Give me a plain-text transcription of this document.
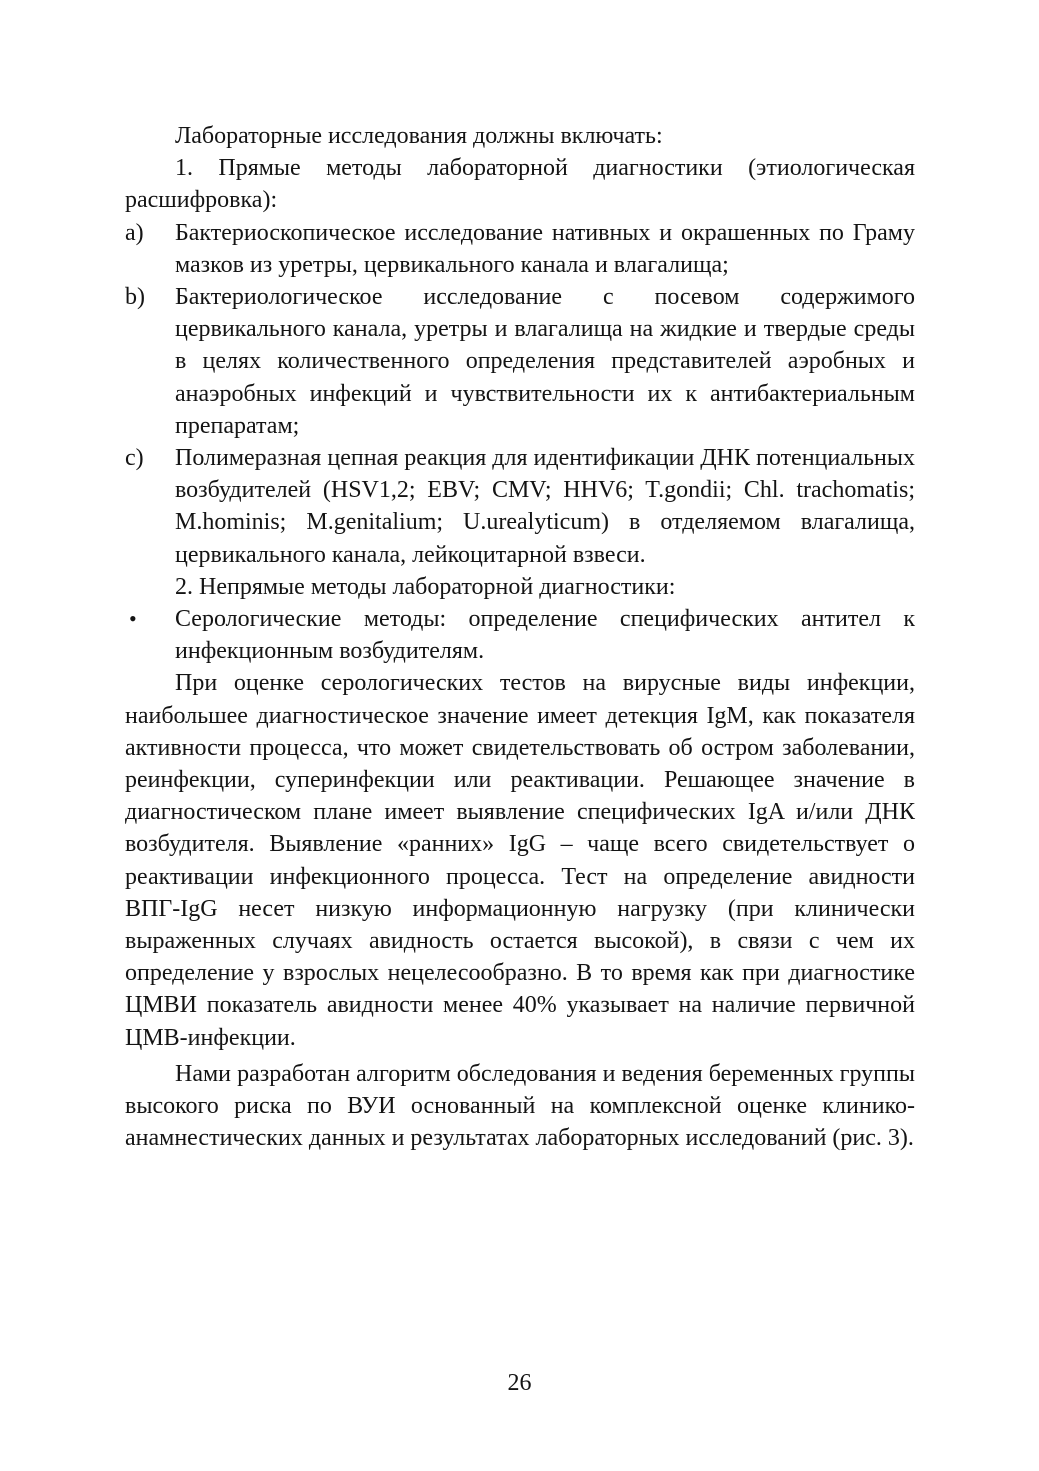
Лабораторные исследования должны включать:

1. Прямые методы лабораторной диагностики (этиологическая расшифровка):

a) Бактериоскопическое исследование нативных и окрашенных по Граму мазков из уретры, цервикального канала и влагалища;
b) Бактериологическое исследование с посевом содержимого цервикального канала, уретры и влагалища на жидкие и твердые среды в целях количественного определения представителей аэробных и анаэробных инфекций и чувствительности их к антибактериальным препаратам;
c) Полимеразная цепная реакция для идентификации ДНК потенциальных возбудителей (HSV1,2; EBV; CMV; HHV6; T.gondii; Chl. trachomatis; M.hominis; M.genitalium; U.urealyticum) в отделяемом влагалища, цервикального канала, лейкоцитарной взвеси.

2. Непрямые методы лабораторной диагностики:

• Серологические методы: определение специфических антител к инфекционным возбудителям.

При оценке серологических тестов на вирусные виды инфекции, наибольшее диагностическое значение имеет детекция IgM, как показателя активности процесса, что может свидетельствовать об остром заболевании, реинфекции, суперинфекции или реактивации. Решающее значение в диагностическом плане имеет выявление специфических IgA и/или ДНК возбудителя. Выявление «ранних» IgG – чаще всего свидетельствует о реактивации инфекционного процесса. Тест на определение авидности ВПГ-IgG несет низкую информационную нагрузку (при клинически выраженных случаях авидность остается высокой), в связи с чем их определение у взрослых нецелесообразно. В то время как при диагностике ЦМВИ показатель авидности менее 40% указывает на наличие первичной ЦМВ-инфекции.

Нами разработан алгоритм обследования и ведения беременных группы высокого риска по ВУИ основанный на комплексной оценке клинико-анамнестических данных и результатах лабораторных исследований (рис. 3).

26
